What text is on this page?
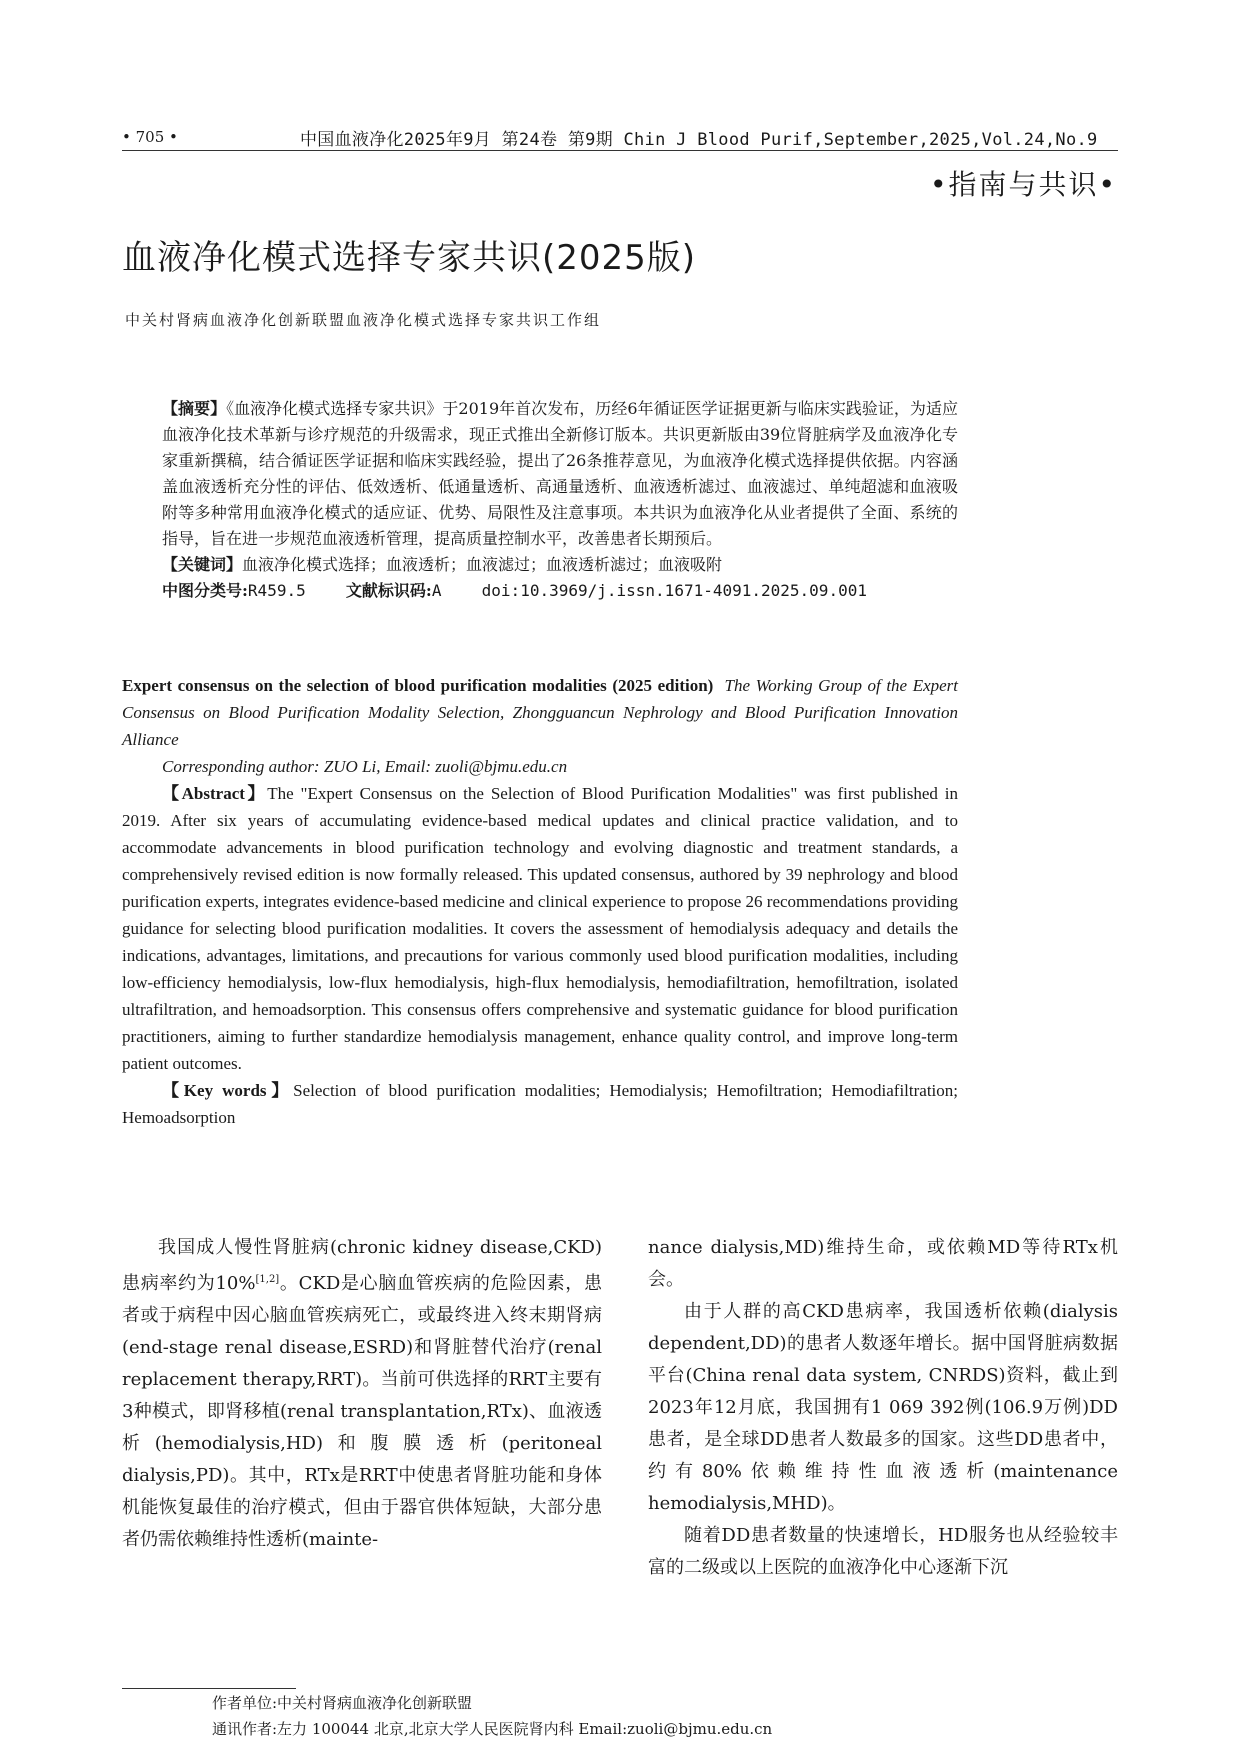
• 705 •	中国血液净化2025年9月 第24卷 第9期 Chin J Blood Purif,September,2025,Vol.24,No.9
•指南与共识•
血液净化模式选择专家共识(2025版)
中关村肾病血液净化创新联盟血液净化模式选择专家共识工作组

【摘要】《血液净化模式选择专家共识》于2019年首次发布，历经6年循证医学证据更新与临床实践验证，为适应血液净化技术革新与诊疗规范的升级需求，现正式推出全新修订版本。共识更新版由39位肾脏病学及血液净化专家重新撰稿，结合循证医学证据和临床实践经验，提出了26条推荐意见，为血液净化模式选择提供依据。内容涵盖血液透析充分性的评估、低效透析、低通量透析、高通量透析、血液透析滤过、血液滤过、单纯超滤和血液吸附等多种常用血液净化模式的适应证、优势、局限性及注意事项。本共识为血液净化从业者提供了全面、系统的指导，旨在进一步规范血液透析管理，提高质量控制水平，改善患者长期预后。

【关键词】血液净化模式选择；血液透析；血液滤过；血液透析滤过；血液吸附

中图分类号:R459.5	文献标识码:A	doi:10.3969/j.issn.1671-4091.2025.09.001

Expert consensus on the selection of blood purification modalities (2025 edition) The Working Group of the Expert Consensus on Blood Purification Modality Selection, Zhongguancun Nephrology and Blood Purification Innovation Alliance

Corresponding author: ZUO Li, Email: zuoli@bjmu.edu.cn

【Abstract】The "Expert Consensus on the Selection of Blood Purification Modalities" was first published in 2019. After six years of accumulating evidence-based medical updates and clinical practice validation, and to accommodate advancements in blood purification technology and evolving diagnostic and treatment standards, a comprehensively revised edition is now formally released. This updated consensus, authored by 39 nephrology and blood purification experts, integrates evidence-based medicine and clinical experience to propose 26 recommendations providing guidance for selecting blood purification modalities. It covers the assessment of hemodialysis adequacy and details the indications, advantages, limitations, and precautions for various commonly used blood purification modalities, including low-efficiency hemodialysis, low-flux hemodialysis, high-flux hemodialysis, hemodiafiltration, hemofiltration, isolated ultrafiltration, and hemoadsorption. This consensus offers comprehensive and systematic guidance for blood purification practitioners, aiming to further standardize hemodialysis management, enhance quality control, and improve long-term patient outcomes.

【Key words】Selection of blood purification modalities; Hemodialysis; Hemofiltration; Hemodiafiltration; Hemoadsorption

我国成人慢性肾脏病(chronic kidney disease,CKD)患病率约为10%[1,2]。CKD是心脑血管疾病的危险因素，患者或于病程中因心脑血管疾病死亡，或最终进入终末期肾病(end-stage renal disease,ESRD)和肾脏替代治疗(renal replacement therapy,RRT)。当前可供选择的RRT主要有3种模式，即肾移植(renal transplantation,RTx)、血液透析(hemodialysis,HD)和腹膜透析(peritoneal dialysis,PD)。其中，RTx是RRT中使患者肾脏功能和身体机能恢复最佳的治疗模式，但由于器官供体短缺，大部分患者仍需依赖维持性透析(mainte-

nance dialysis,MD)维持生命，或依赖MD等待RTx机会。

由于人群的高CKD患病率，我国透析依赖(dialysis dependent,DD)的患者人数逐年增长。据中国肾脏病数据平台(China renal data system, CNRDS)资料，截止到2023年12月底，我国拥有1 069 392例(106.9万例)DD患者，是全球DD患者人数最多的国家。这些DD患者中，约有80%依赖维持性血液透析(maintenance hemodialysis,MHD)。

随着DD患者数量的快速增长，HD服务也从经验较丰富的二级或以上医院的血液净化中心逐渐下沉

作者单位:中关村肾病血液净化创新联盟
通讯作者:左力 100044 北京,北京大学人民医院肾内科 Email:zuoli@bjmu.edu.cn
